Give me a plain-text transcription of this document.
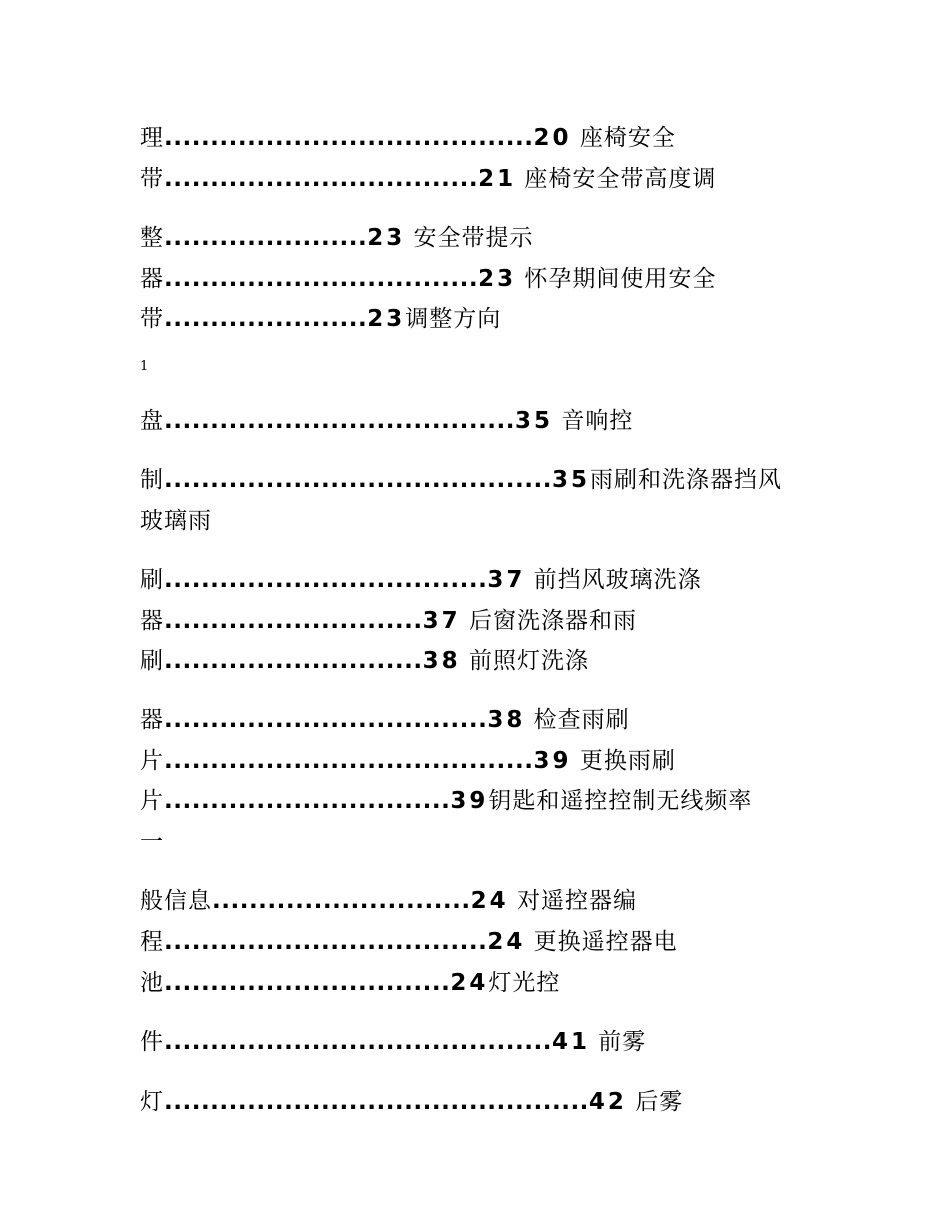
理........................................20 座椅安全
带..................................21 座椅安全带高度调
整......................23 安全带提示
器..................................23 怀孕期间使用安全
带......................23调整方向
1
盘......................................35 音响控
制..........................................35雨刷和洗涤器挡风
玻璃雨
刷...................................37 前挡风玻璃洗涤
器............................37 后窗洗涤器和雨
刷............................38 前照灯洗涤
器...................................38 检查雨刷
片........................................39 更换雨刷
片...............................39钥匙和遥控控制无线频率
一
般信息............................24 对遥控器编
程...................................24 更换遥控器电
池...............................24灯光控
件..........................................41 前雾
灯..............................................42 后雾
